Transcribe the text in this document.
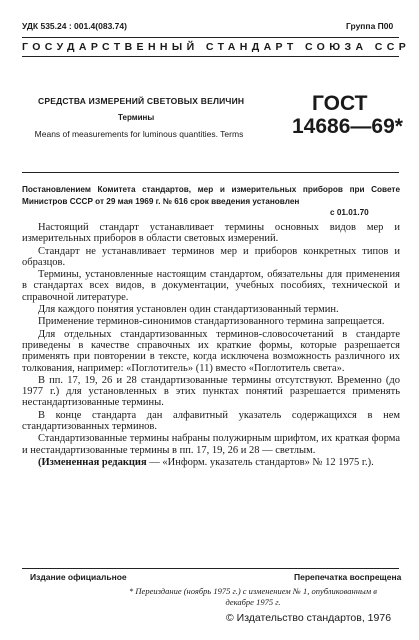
УДК 535.24 : 001.4(083.74)	Группа П00
ГОСУДАРСТВЕННЫЙ СТАНДАРТ СОЮЗА ССР
СРЕДСТВА ИЗМЕРЕНИЙ СВЕТОВЫХ ВЕЛИЧИН
Термины
Means of measurements for luminous quantities. Terms
ГОСТ
14686—69*
Постановлением Комитета стандартов, мер и измерительных приборов при Совете Министров СССР от 29 мая 1969 г. № 616 срок введения установлен
с 01.01.70

Настоящий стандарт устанавливает термины основных видов мер и измерительных приборов в области световых измерений.

Стандарт не устанавливает терминов мер и приборов конкретных типов и образцов.

Термины, установленные настоящим стандартом, обязательны для применения в стандартах всех видов, в документации, учебных пособиях, технической и справочной литературе.

Для каждого понятия установлен один стандартизованный термин.

Применение терминов-синонимов стандартизованного термина запрещается.

Для отдельных стандартизованных терминов-словосочетаний в стандарте приведены в качестве справочных их краткие формы, которые разрешается применять при повторении в тексте, когда исключена возможность различного их толкования, например: «Поглотитель» (11) вместо «Поглотитель света».

В пп. 17, 19, 26 и 28 стандартизованные термины отсутствуют. Временно (до 1977 г.) для установленных в этих пунктах понятий разрешается применять нестандартизованные термины.

В конце стандарта дан алфавитный указатель содержащихся в нем стандартизованных терминов.

Стандартизованные термины набраны полужирным шрифтом, их краткая форма и нестандартизованные термины в пп. 17, 19, 26 и 28 — светлым.

(Измененная редакция — «Информ. указатель стандартов» № 12 1975 г.).

Издание официальное	Перепечатка воспрещена
* Переиздание (ноябрь 1975 г.) с изменением № 1, опубликованным в декабре 1975 г.
© Издательство стандартов, 1976
